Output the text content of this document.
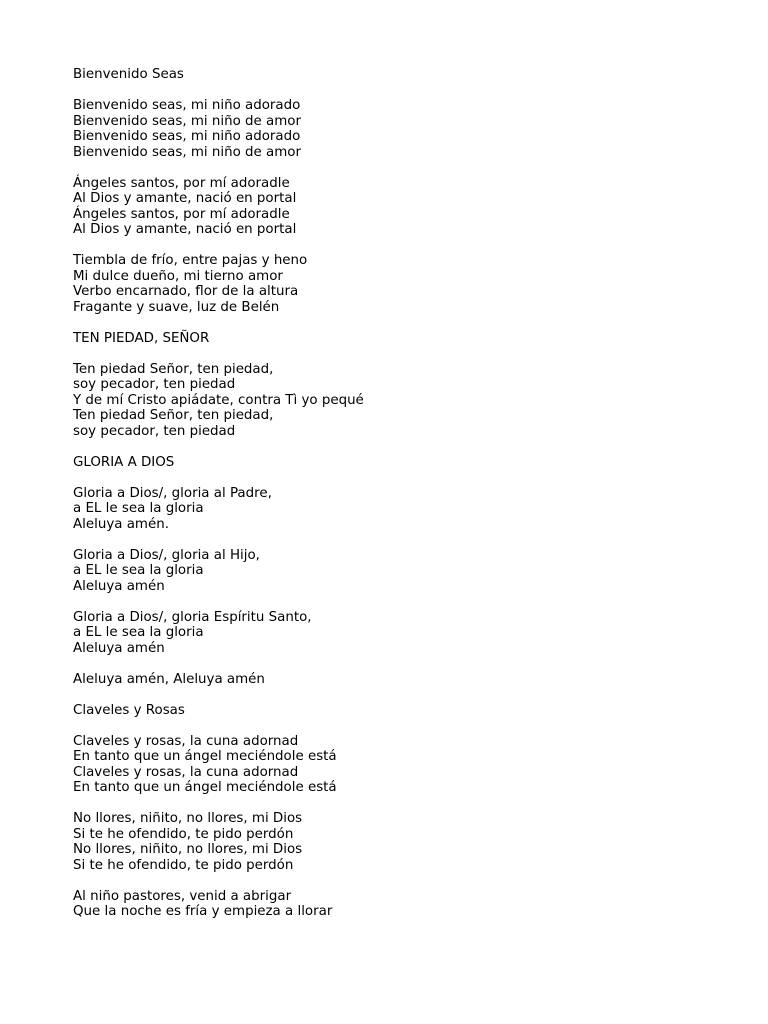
Bienvenido Seas
Bienvenido seas, mi niño adorado
Bienvenido seas, mi niño de amor
Bienvenido seas, mi niño adorado
Bienvenido seas, mi niño de amor
Ángeles santos, por mí adoradle
Al Dios y amante, nació en portal
Ángeles santos, por mí adoradle
Al Dios y amante, nació en portal
Tiembla de frío, entre pajas y heno
Mi dulce dueño, mi tierno amor
Verbo encarnado, flor de la altura
Fragante y suave, luz de Belén
TEN PIEDAD, SEÑOR
Ten piedad Señor, ten piedad,
soy pecador, ten piedad
Y de mí Cristo apiádate, contra Tì yo pequé
Ten piedad Señor, ten piedad,
soy pecador, ten piedad
GLORIA A DIOS
Gloria a Dios/, gloria al Padre,
a EL le sea la gloria
Aleluya amén.
Gloria a Dios/, gloria al Hijo,
a EL le sea la gloria
Aleluya amén
Gloria a Dios/, gloria Espíritu Santo,
a EL le sea la gloria
Aleluya amén
Aleluya amén, Aleluya amén
Claveles y Rosas
Claveles y rosas, la cuna adornad
En tanto que un ángel meciéndole está
Claveles y rosas, la cuna adornad
En tanto que un ángel meciéndole está
No llores, niñito, no llores, mi Dios
Si te he ofendido, te pido perdón
No llores, niñito, no llores, mi Dios
Si te he ofendido, te pido perdón
Al niño pastores, venid a abrigar
Que la noche es fría y empieza a llorar
